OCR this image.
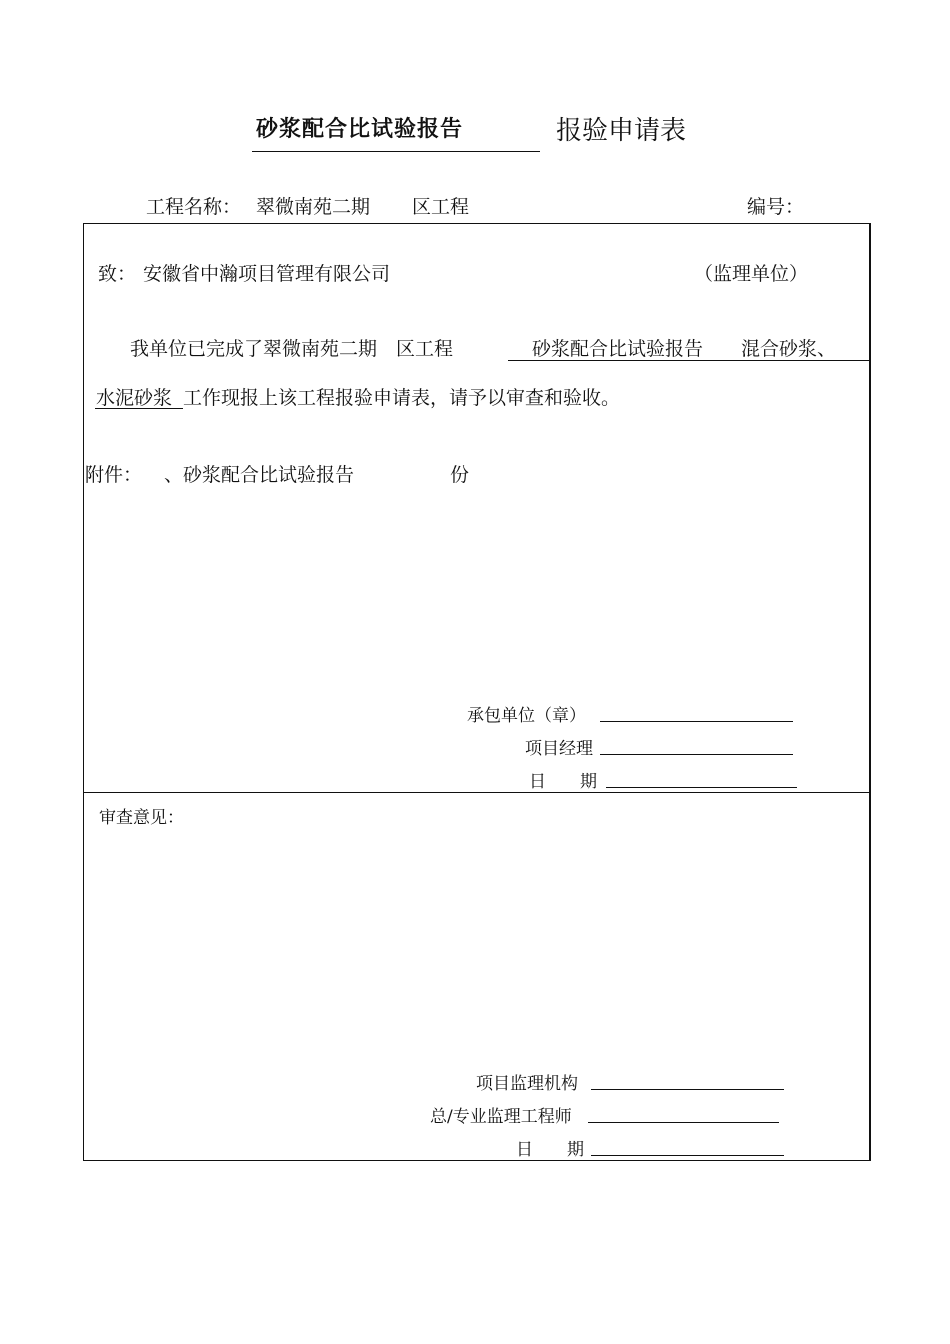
砂浆配合比试验报告	报验申请表
工程名称： 翠微南苑二期 区工程	编号：
致： 安徽省中瀚项目管理有限公司	（监理单位）
我单位已完成了翠微南苑二期　区工程	砂浆配合比试验报告　　混合砂浆、
水泥砂浆 工作现报上该工程报验申请表，请予以审查和验收。
附件： 、砂浆配合比试验报告	份
承包单位（章）
项目经理
日　　期
审查意见：
项目监理机构
总/专业监理工程师
日　　期
